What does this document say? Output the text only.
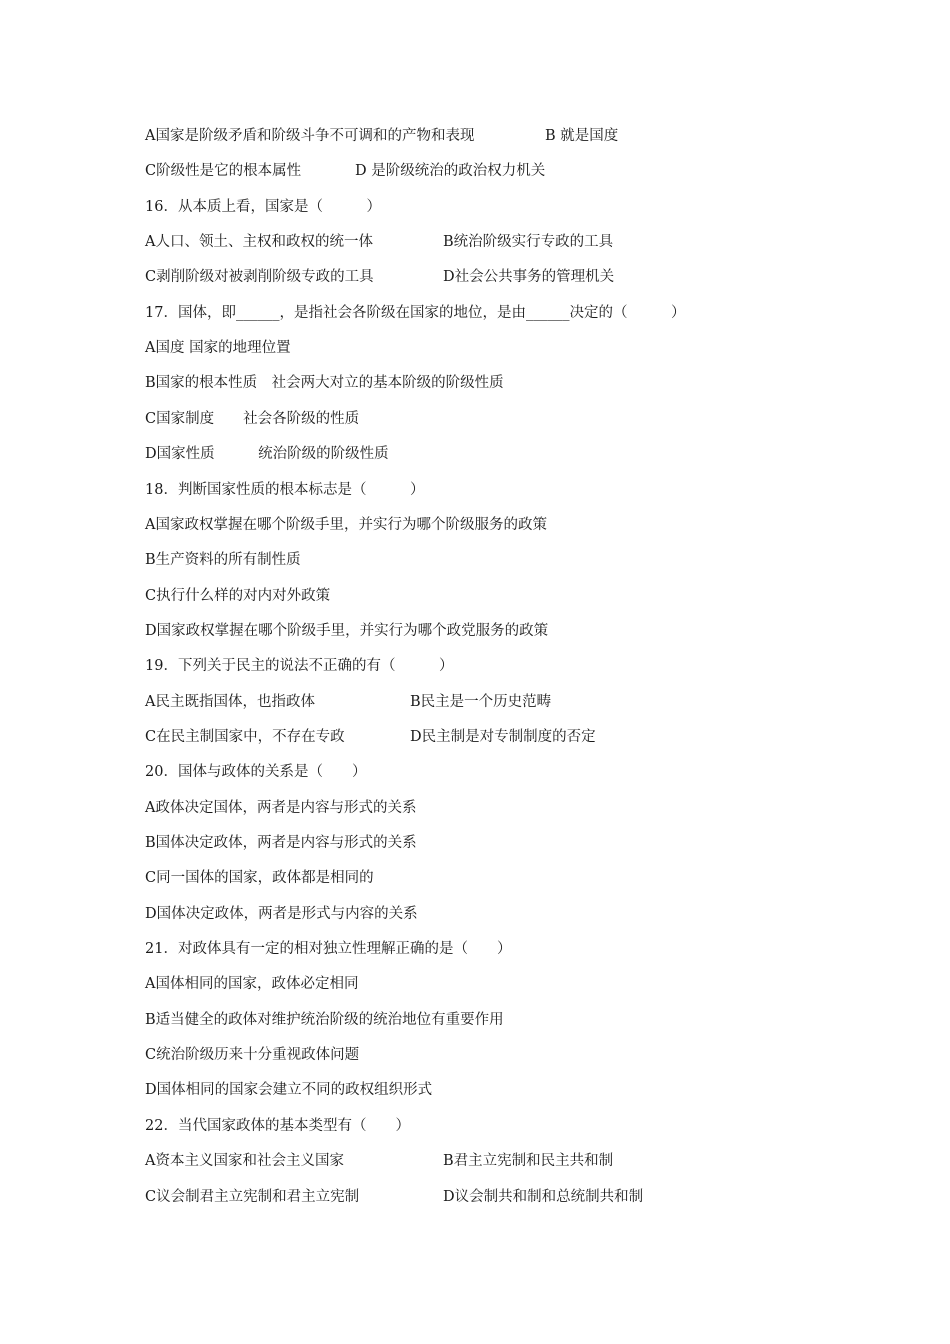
A国家是阶级矛盾和阶级斗争不可调和的产物和表现	B 就是国度
C阶级性是它的根本属性	D 是阶级统治的政治权力机关
16．从本质上看，国家是（　　　）
A人口、领土、主权和政权的统一体	B统治阶级实行专政的工具
C剥削阶级对被剥削阶级专政的工具	D社会公共事务的管理机关
17．国体，即______，是指社会各阶级在国家的地位，是由______决定的（　　　）
A国度 国家的地理位置
B国家的根本性质　社会两大对立的基本阶级的阶级性质
C国家制度　　社会各阶级的性质
D国家性质　　　统治阶级的阶级性质
18．判断国家性质的根本标志是（　　　）
A国家政权掌握在哪个阶级手里，并实行为哪个阶级服务的政策
B生产资料的所有制性质
C执行什么样的对内对外政策
D国家政权掌握在哪个阶级手里，并实行为哪个政党服务的政策
19．下列关于民主的说法不正确的有（　　　）
A民主既指国体，也指政体	B民主是一个历史范畴
C在民主制国家中，不存在专政	D民主制是对专制制度的否定
20．国体与政体的关系是（　　）
A政体决定国体，两者是内容与形式的关系
B国体决定政体，两者是内容与形式的关系
C同一国体的国家，政体都是相同的
D国体决定政体，两者是形式与内容的关系
21．对政体具有一定的相对独立性理解正确的是（　　）
A国体相同的国家，政体必定相同
B适当健全的政体对维护统治阶级的统治地位有重要作用
C统治阶级历来十分重视政体问题
D国体相同的国家会建立不同的政权组织形式
22．当代国家政体的基本类型有（　　）
A资本主义国家和社会主义国家	B君主立宪制和民主共和制
C议会制君主立宪制和君主立宪制	D议会制共和制和总统制共和制
